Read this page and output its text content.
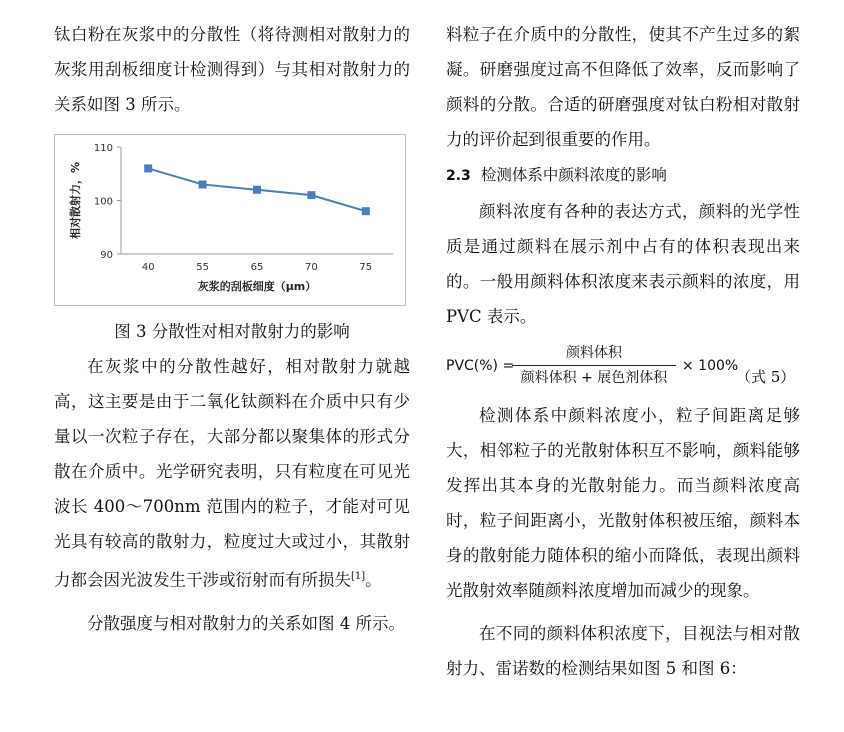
钛白粉在灰浆中的分散性（将待测相对散射力的灰浆用刮板细度计检测得到）与其相对散射力的关系如图 3 所示。

90
100
110
40	55	65	70	75
灰浆的刮板细度（μm）
相对散射力，%
图 3 分散性对相对散射力的影响

在灰浆中的分散性越好，相对散射力就越高，这主要是由于二氧化钛颜料在介质中只有少量以一次粒子存在，大部分都以聚集体的形式分散在介质中。光学研究表明，只有粒度在可见光波长 400～700nm 范围内的粒子，才能对可见光具有较高的散射力，粒度过大或过小，其散射力都会因光波发生干涉或衍射而有所损失[1]。

分散强度与相对散射力的关系如图 4 所示。

料粒子在介质中的分散性，使其不产生过多的絮凝。研磨强度过高不但降低了效率，反而影响了颜料的分散。合适的研磨强度对钛白粉相对散射力的评价起到很重要的作用。

2.3 检测体系中颜料浓度的影响

颜料浓度有各种的表达方式，颜料的光学性质是通过颜料在展示剂中占有的体积表现出来的。一般用颜料体积浓度来表示颜料的浓度，用 PVC 表示。

PVC(%) =
颜料体积
颜料体积 + 展色剂体积
× 100%
（式 5）

检测体系中颜料浓度小，粒子间距离足够大，相邻粒子的光散射体积互不影响，颜料能够发挥出其本身的光散射能力。而当颜料浓度高时，粒子间距离小，光散射体积被压缩，颜料本身的散射能力随体积的缩小而降低，表现出颜料光散射效率随颜料浓度增加而减少的现象。

在不同的颜料体积浓度下，目视法与相对散射力、雷诺数的检测结果如图 5 和图 6：
